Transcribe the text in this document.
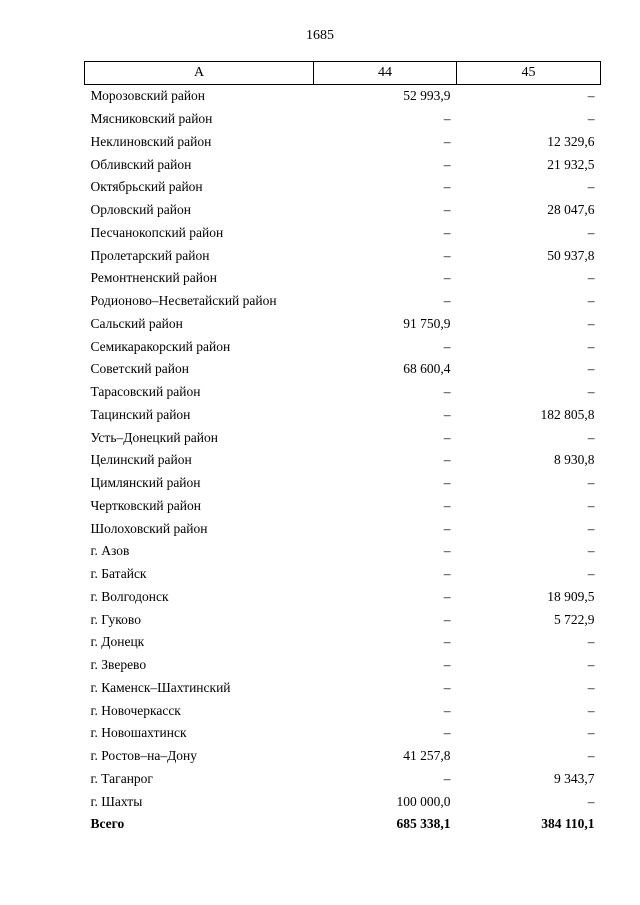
1685
A	44	45
Морозовский район	52 993,9	–
Мясниковский район	–	–
Неклиновский район	–	12 329,6
Обливский район	–	21 932,5
Октябрьский район	–	–
Орловский район	–	28 047,6
Песчанокопский район	–	–
Пролетарский район	–	50 937,8
Ремонтненский район	–	–
Родионово–Несветайский район	–	–
Сальский район	91 750,9	–
Семикаракорский район	–	–
Советский район	68 600,4	–
Тарасовский район	–	–
Тацинский район	–	182 805,8
Усть–Донецкий район	–	–
Целинский район	–	8 930,8
Цимлянский район	–	–
Чертковский район	–	–
Шолоховский район	–	–
г. Азов	–	–
г. Батайск	–	–
г. Волгодонск	–	18 909,5
г. Гуково	–	5 722,9
г. Донецк	–	–
г. Зверево	–	–
г. Каменск–Шахтинский	–	–
г. Новочеркасск	–	–
г. Новошахтинск	–	–
г. Ростов–на–Дону	41 257,8	–
г. Таганрог	–	9 343,7
г. Шахты	100 000,0	–
Всего	685 338,1	384 110,1
